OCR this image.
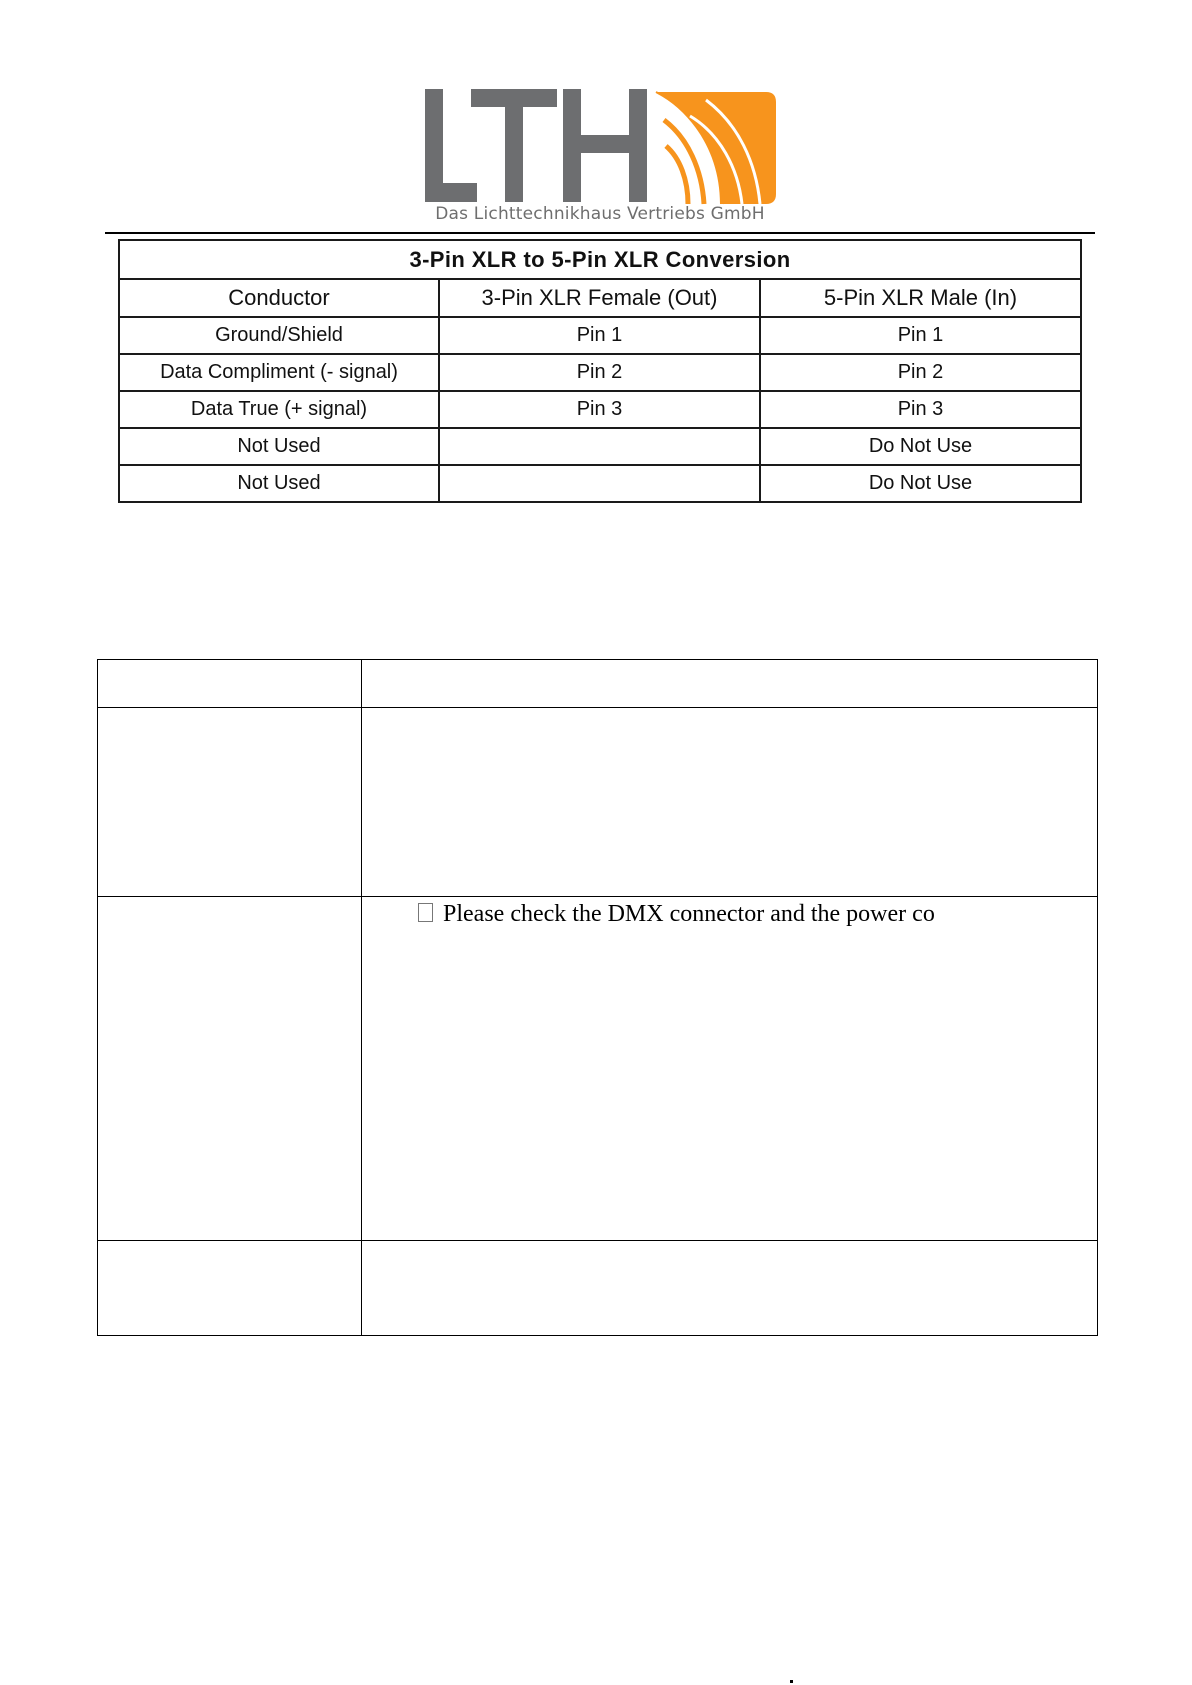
Das Lichttechnikhaus Vertriebs GmbH
3-Pin XLR to 5-Pin XLR Conversion		
Conductor	3-Pin XLR Female (Out)	5-Pin XLR Male (In)
Ground/Shield	Pin 1	Pin 1
Data Compliment (- signal)	Pin 2	Pin 2
Data True (+ signal)	Pin 3	Pin 3
Not Used		Do Not Use
Not Used		Do Not Use

	Please check the DMX connector and the power co
